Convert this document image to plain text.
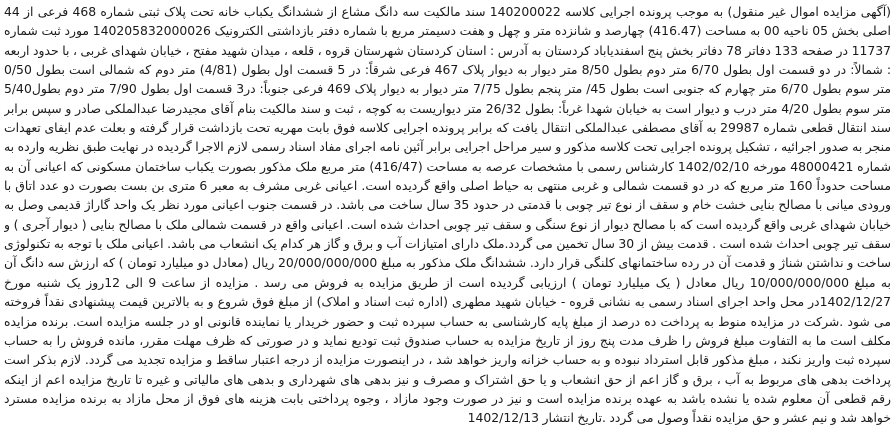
(آگهی مزایده اموال غیر منقول) به موجب پرونده اجرایی کلاسه 140200022 سند مالکیت سه دانگ مشاع از ششدانگ یکباب خانه تحت پلاک ثبتی شماره 468 فرعی از 44 اصلی بخش 05 ناحیه 00 به مساحت (416.47) چهارصد و شانزده متر و چهل و هفت دسیمتر مربع با شماره دفتر بازداشتی الکترونیک 140205832000026 مورد ثبت شماره 11737 در صفحه 133 دفاتر 78 دفاتر بخش پنج اسفندیاباد کردستان به آدرس : استان کردستان شهرستان قروه ، قلعه ، میدان شهید مفتح ، خیابان شهدای غربی ، با حدود اربعه : شمالاً: در دو قسمت اول بطول 6/70 متر دوم بطول 8/50 متر دیوار به دیوار پلاک 467 فرعی شرقاً: در 5 قسمت اول بطول (4/81) متر دوم که شمالی است بطول 0/50 متر سوم بطول 6/70 متر چهارم که جنوبی است بطول 45/ متر پنجم بطول 7/75 متر دیوار به دیوار پلاک 469 فرعی جنوباً: در3 قسمت اول بطول 7/90 متر دوم بطول5/40 متر سوم بطول 4/20 متر درب و دیوار است به خیابان شهدا غرباً: بطول 26/32 متر دیواریست به کوچه ، ثبت و سند مالکیت بنام آقای مجیدرضا عبدالملکی صادر و سپس برابر سند انتقال قطعی شماره 29987 به آقای مصطفی عبدالملکی انتقال یافت که برابر پرونده اجرایی کلاسه فوق بابت مهریه تحت بازداشت قرار گرفته و بعلت عدم ایفای تعهدات منجر به صدور اجرائیه ، تشکیل پرونده اجرایی تحت کلاسه مذکور و سیر مراحل اجرایی برابر آئین نامه اجرای مفاد اسناد رسمی لازم الاجرا گردیده در نهایت طبق نظریه وارده به شماره 48000421 مورخه 1402/02/10 کارشناس رسمی با مشخصات عرصه به مساحت (416/47) متر مربع ملک مذکور بصورت یکباب ساختمان مسکونی که اعیانی آن به مساحت حدوداً 160 متر مربع که در دو قسمت شمالی و غربی منتهی به حیاط اصلی واقع گردیده است. اعیانی غربی مشرف به معبر 6 متری بن بست بصورت دو عدد اتاق با ورودی میانی با مصالح بنایی خشت خام و سقف از نوع تیر چوبی با قدمتی در حدود 35 سال ساخت می باشد. در قسمت جنوب اعیانی مورد نظر یک واحد گاراژ قدیمی وصل به خیابان شهدای غربی واقع گردیده است که با مصالح دیوار از نوع سنگی و سقف تیر چوبی احداث شده است. اعیانی واقع در قسمت شمالی ملک با مصالح بنایی ( دیوار آجری ) و سقف تیر چوبی احداث شده است . قدمت بیش از 30 سال تخمین می گردد.ملک دارای امتیازات آب و برق و گاز هر کدام یک انشعاب می باشد. اعیانی ملک با توجه به تکنولوژی ساخت و نداشتن شناژ و قدمت آن در رده ساختمانهای کلنگی قرار دارد. ششدانگ ملک مذکور به مبلغ 20/000/000/000 ریال (معادل دو میلیارد تومان ) که ارزش سه دانگ آن به مبلغ 10/000/000/000 ریال معادل ( یک میلیارد تومان ) ارزیابی گردیده است از طریق مزایده به فروش می رسد . مزایده از ساعت 9 الی 12روز یک شنبه مورخ 1402/12/27در محل واحد اجرای اسناد رسمی به نشانی قروه - خیابان شهید مطهری (اداره ثبت اسناد و املاک) از مبلغ فوق شروع و به بالاترین قیمت پیشنهادی نقداً فروخته می شود .شرکت در مزایده منوط به پرداخت ده درصد از مبلغ پایه کارشناسی به حساب سپرده ثبت و حضور خریدار یا نماینده قانونی او در جلسه مزایده است. برنده مزایده مکلف است ما به التفاوت مبلغ فروش را ظرف مدت پنج روز از تاریخ مزایده به حساب صندوق ثبت تودیع نماید و در صورتی که ظرف مهلت مقرر، مانده فروش را به حساب سپرده ثبت واریز نکند ، مبلغ مذکور قابل استرداد نبوده و به حساب خزانه واریز خواهد شد ، در اینصورت مزایده از درجه اعتبار ساقط و مزایده تجدید می گردد. لازم بذکر است پرداخت بدهی های مربوط به آب ، برق و گاز اعم از حق انشعاب و یا حق اشتراک و مصرف و نیز بدهی های شهرداری و بدهی های مالیاتی و غیره تا تاریخ مزایده اعم از اینکه رقم قطعی آن معلوم شده یا نشده باشد به عهده برنده مزایده است و نیز در صورت وجود مازاد ، وجوه پرداختی بابت هزینه های فوق از محل مازاد به برنده مزایده مسترد خواهد شد و نیم عشر و حق مزایده نقداً وصول می گردد .تاریخ انتشار 1402/12/13
